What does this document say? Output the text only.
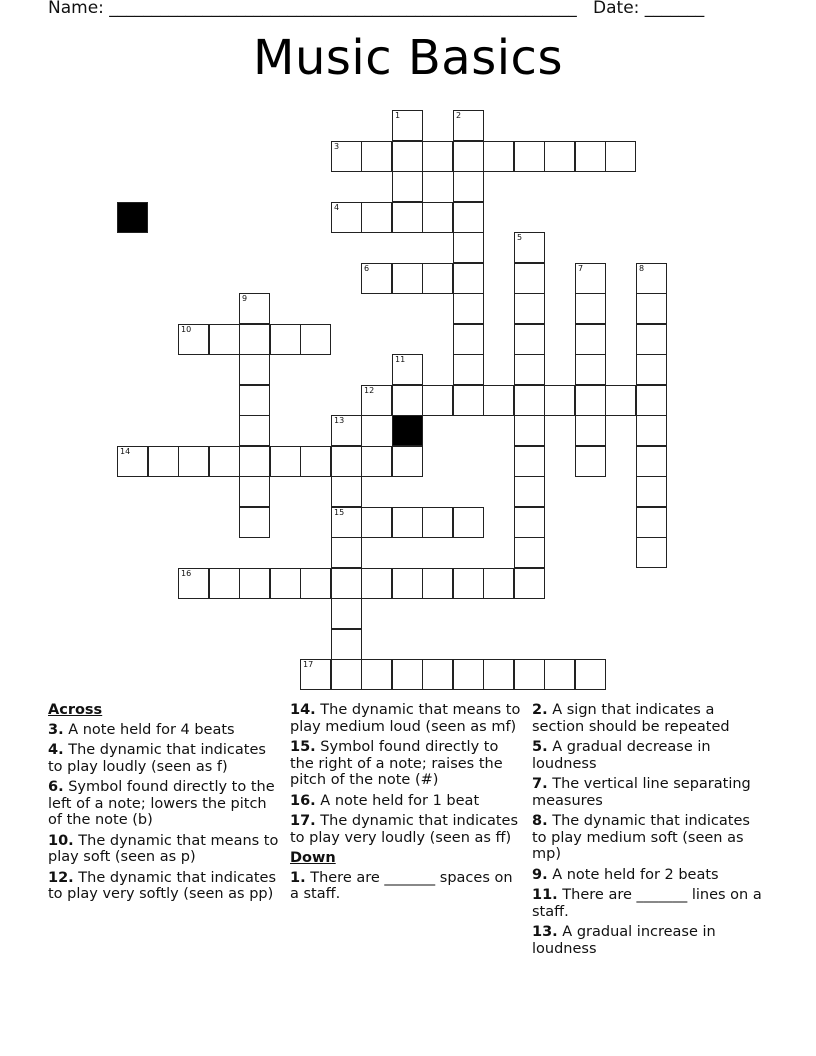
Name: _______________________________________________________ Date: _______
Music Basics
3
4
6
10
12
14
15
16
17
1	2
5
7	8
9
11
13
Across
3. A note held for 4 beats
4. The dynamic that indicates to play loudly (seen as f)
6. Symbol found directly to the left of a note; lowers the pitch of the note (b)
10. The dynamic that means to play soft (seen as p)
12. The dynamic that indicates to play very softly (seen as pp)
14. The dynamic that means to play medium loud (seen as mf)
15. Symbol found directly to the right of a note; raises the pitch of the note (#)
16. A note held for 1 beat
17. The dynamic that indicates to play very loudly (seen as ff)
Down
1. There are _______ spaces on a staff.
2. A sign that indicates a section should be repeated
5. A gradual decrease in loudness
7. The vertical line separating measures
8. The dynamic that indicates to play medium soft (seen as mp)
9. A note held for 2 beats
11. There are _______ lines on a staff.
13. A gradual increase in loudness
